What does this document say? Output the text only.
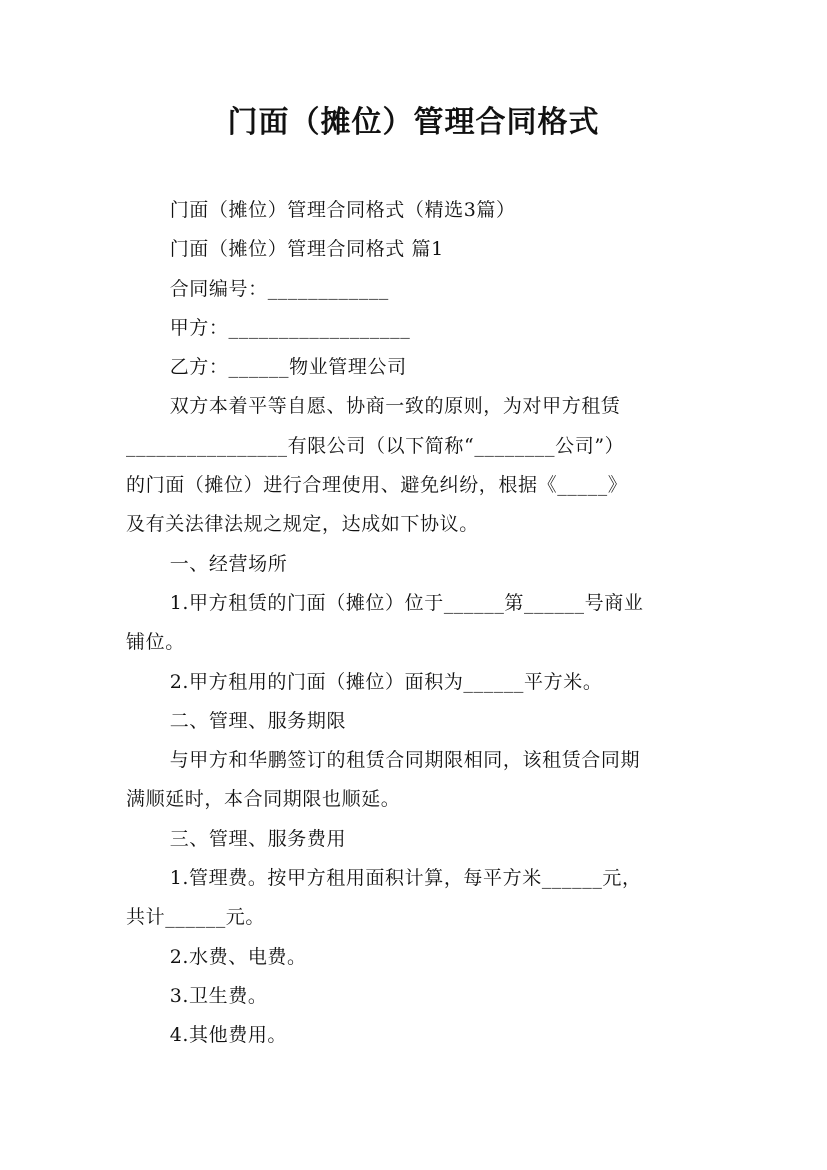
门面（摊位）管理合同格式

门面（摊位）管理合同格式（精选3篇）

门面（摊位）管理合同格式 篇1

合同编号：____________

甲方：__________________

乙方：______物业管理公司

双方本着平等自愿、协商一致的原则，为对甲方租赁

________________有限公司（以下简称“________公司”）

的门面（摊位）进行合理使用、避免纠纷，根据《_____》

及有关法律法规之规定，达成如下协议。

一、经营场所

1.甲方租赁的门面（摊位）位于______第______号商业

铺位。

2.甲方租用的门面（摊位）面积为______平方米。

二、管理、服务期限

与甲方和华鹏签订的租赁合同期限相同，该租赁合同期

满顺延时，本合同期限也顺延。

三、管理、服务费用

1.管理费。按甲方租用面积计算，每平方米______元，

共计______元。

2.水费、电费。

3.卫生费。

4.其他费用。
